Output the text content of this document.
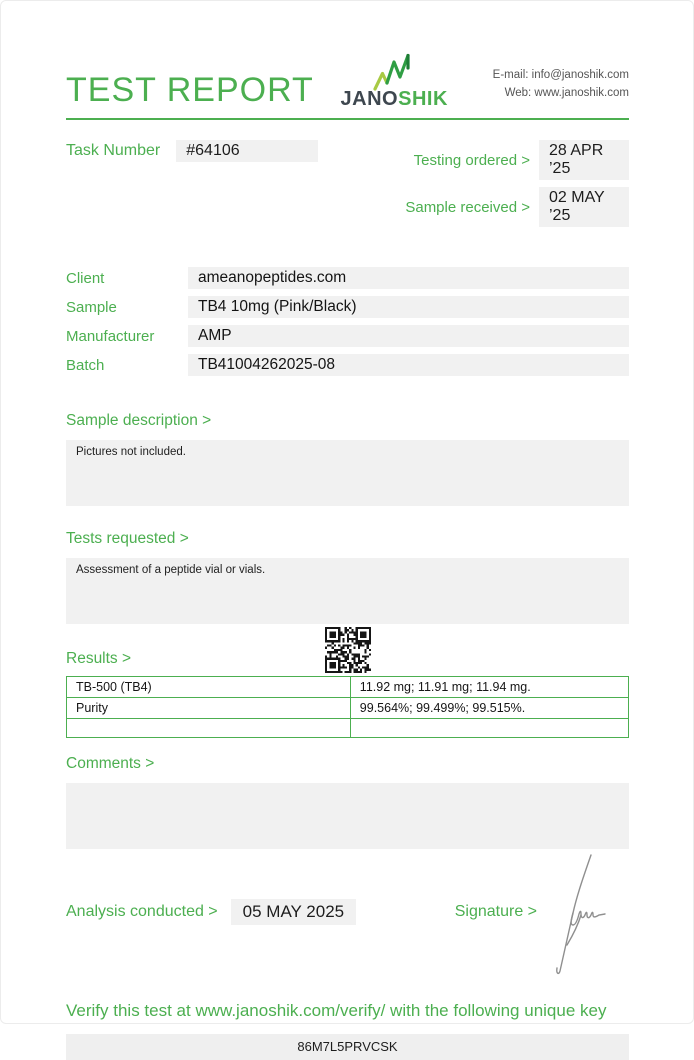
TEST REPORT JANOSHIK
E-mail: info@janoshik.com
Web: www.janoshik.com
Task Number	#64106
Testing ordered >
28 APR ’25
Sample received >
02 MAY ’25
Client	ameanopeptides.com
Sample	TB4 10mg (Pink/Black)
Manufacturer	AMP
Batch	TB41004262025-08
Sample description >
Pictures not included.
Tests requested >
Assessment of a peptide vial or vials.
Results >
TB-500 (TB4)	11.92 mg; 11.91 mg; 11.94 mg.
Purity	99.564%; 99.499%; 99.515%.

Comments >
Analysis conducted >	05 MAY 2025	Signature >
Verify this test at www.janoshik.com/verify/ with the following unique key
86M7L5PRVCSK
